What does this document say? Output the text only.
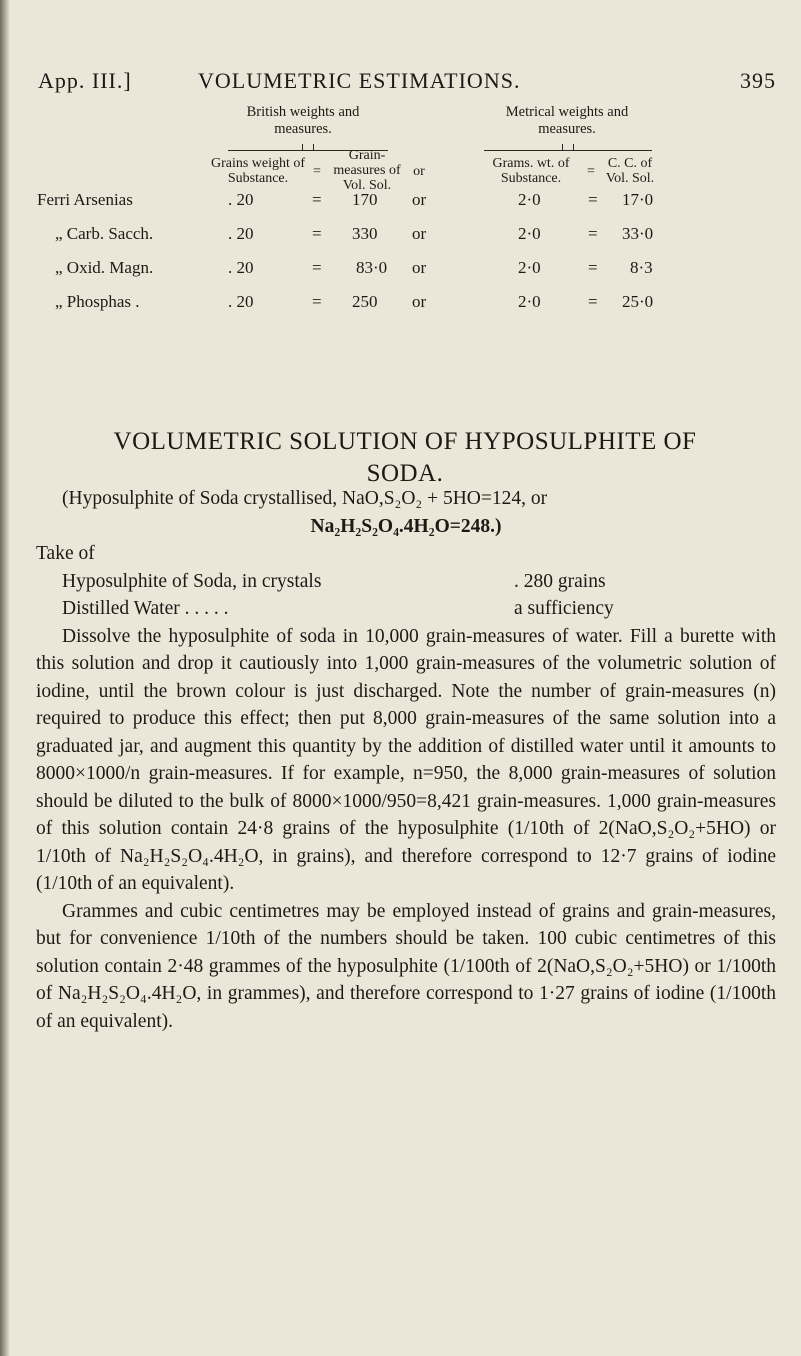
App. III.]	VOLUMETRIC ESTIMATIONS.	395
British weights and measures.
Metrical weights and measures.
Grains weight of Substance.	=
Grain-measures of Vol. Sol.
or
Grams. wt. of Substance.	=
C. C. of Vol. Sol.
Ferri Arsenias	. 20	= 170 or	2·0	= 17·0
„ Carb. Sacch.	. 20	= 330 or	2·0	= 33·0
„ Oxid. Magn.	. 20	= 83·0 or	2·0	= 8·3
„ Phosphas .	. 20	= 250 or	2·0	= 25·0
VOLUMETRIC SOLUTION OF HYPOSULPHITE OF
SODA.

(Hyposulphite of Soda crystallised, NaO,S₂O₂ + 5HO=124, or

Na₂H₂S₂O₄.4H₂O=248.)

Take of

Hyposulphite of Soda, in crystals	. 280 grains
Distilled Water . . . . .	a sufficiency

Dissolve the hyposulphite of soda in 10,000 grain-measures of water. Fill a burette with this solution and drop it cautiously into 1,000 grain-measures of the volumetric solution of iodine, until the brown colour is just discharged. Note the number of grain-measures (n) required to produce this effect; then put 8,000 grain-measures of the same solution into a graduated jar, and augment this quantity by the addition of distilled water until it amounts to 8000×1000/n grain-measures. If for example, n=950, the 8,000 grain-measures of solution should be diluted to the bulk of 8000×1000/950=8,421 grain-measures. 1,000 grain-measures of this solution contain 24·8 grains of the hyposulphite (1/10th of 2(NaO,S₂O₂+5HO) or 1/10th of Na₂H₂S₂O₄.4H₂O, in grains), and therefore correspond to 12·7 grains of iodine (1/10th of an equivalent).

Grammes and cubic centimetres may be employed instead of grains and grain-measures, but for convenience 1/10th of the numbers should be taken. 100 cubic centimetres of this solution contain 2·48 grammes of the hyposulphite (1/100th of 2(NaO,S₂O₂+5HO) or 1/100th of Na₂H₂S₂O₄.4H₂O, in grammes), and therefore correspond to 1·27 grains of iodine (1/100th of an equivalent).
